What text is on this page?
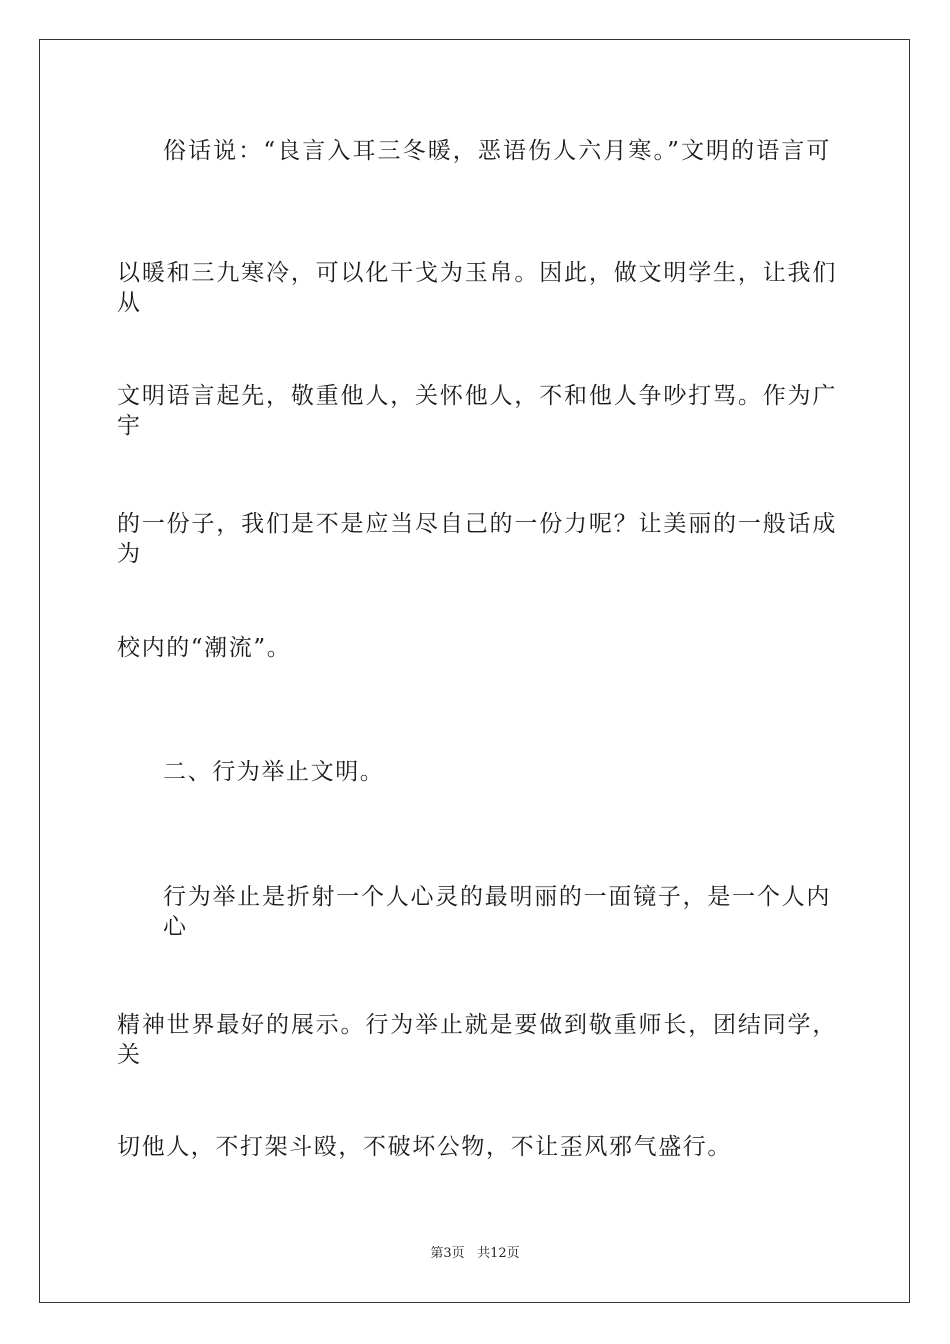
俗话说：“良言入耳三冬暖，恶语伤人六月寒。”文明的语言可
以暖和三九寒冷，可以化干戈为玉帛。因此，做文明学生，让我们从
文明语言起先，敬重他人，关怀他人，不和他人争吵打骂。作为广宇
的一份子，我们是不是应当尽自己的一份力呢？让美丽的一般话成为
校内的“潮流”。
二、行为举止文明。
行为举止是折射一个人心灵的最明丽的一面镜子，是一个人内心
精神世界最好的展示。行为举止就是要做到敬重师长，团结同学，关
切他人，不打架斗殴，不破坏公物，不让歪风邪气盛行。
第3页 共12页
